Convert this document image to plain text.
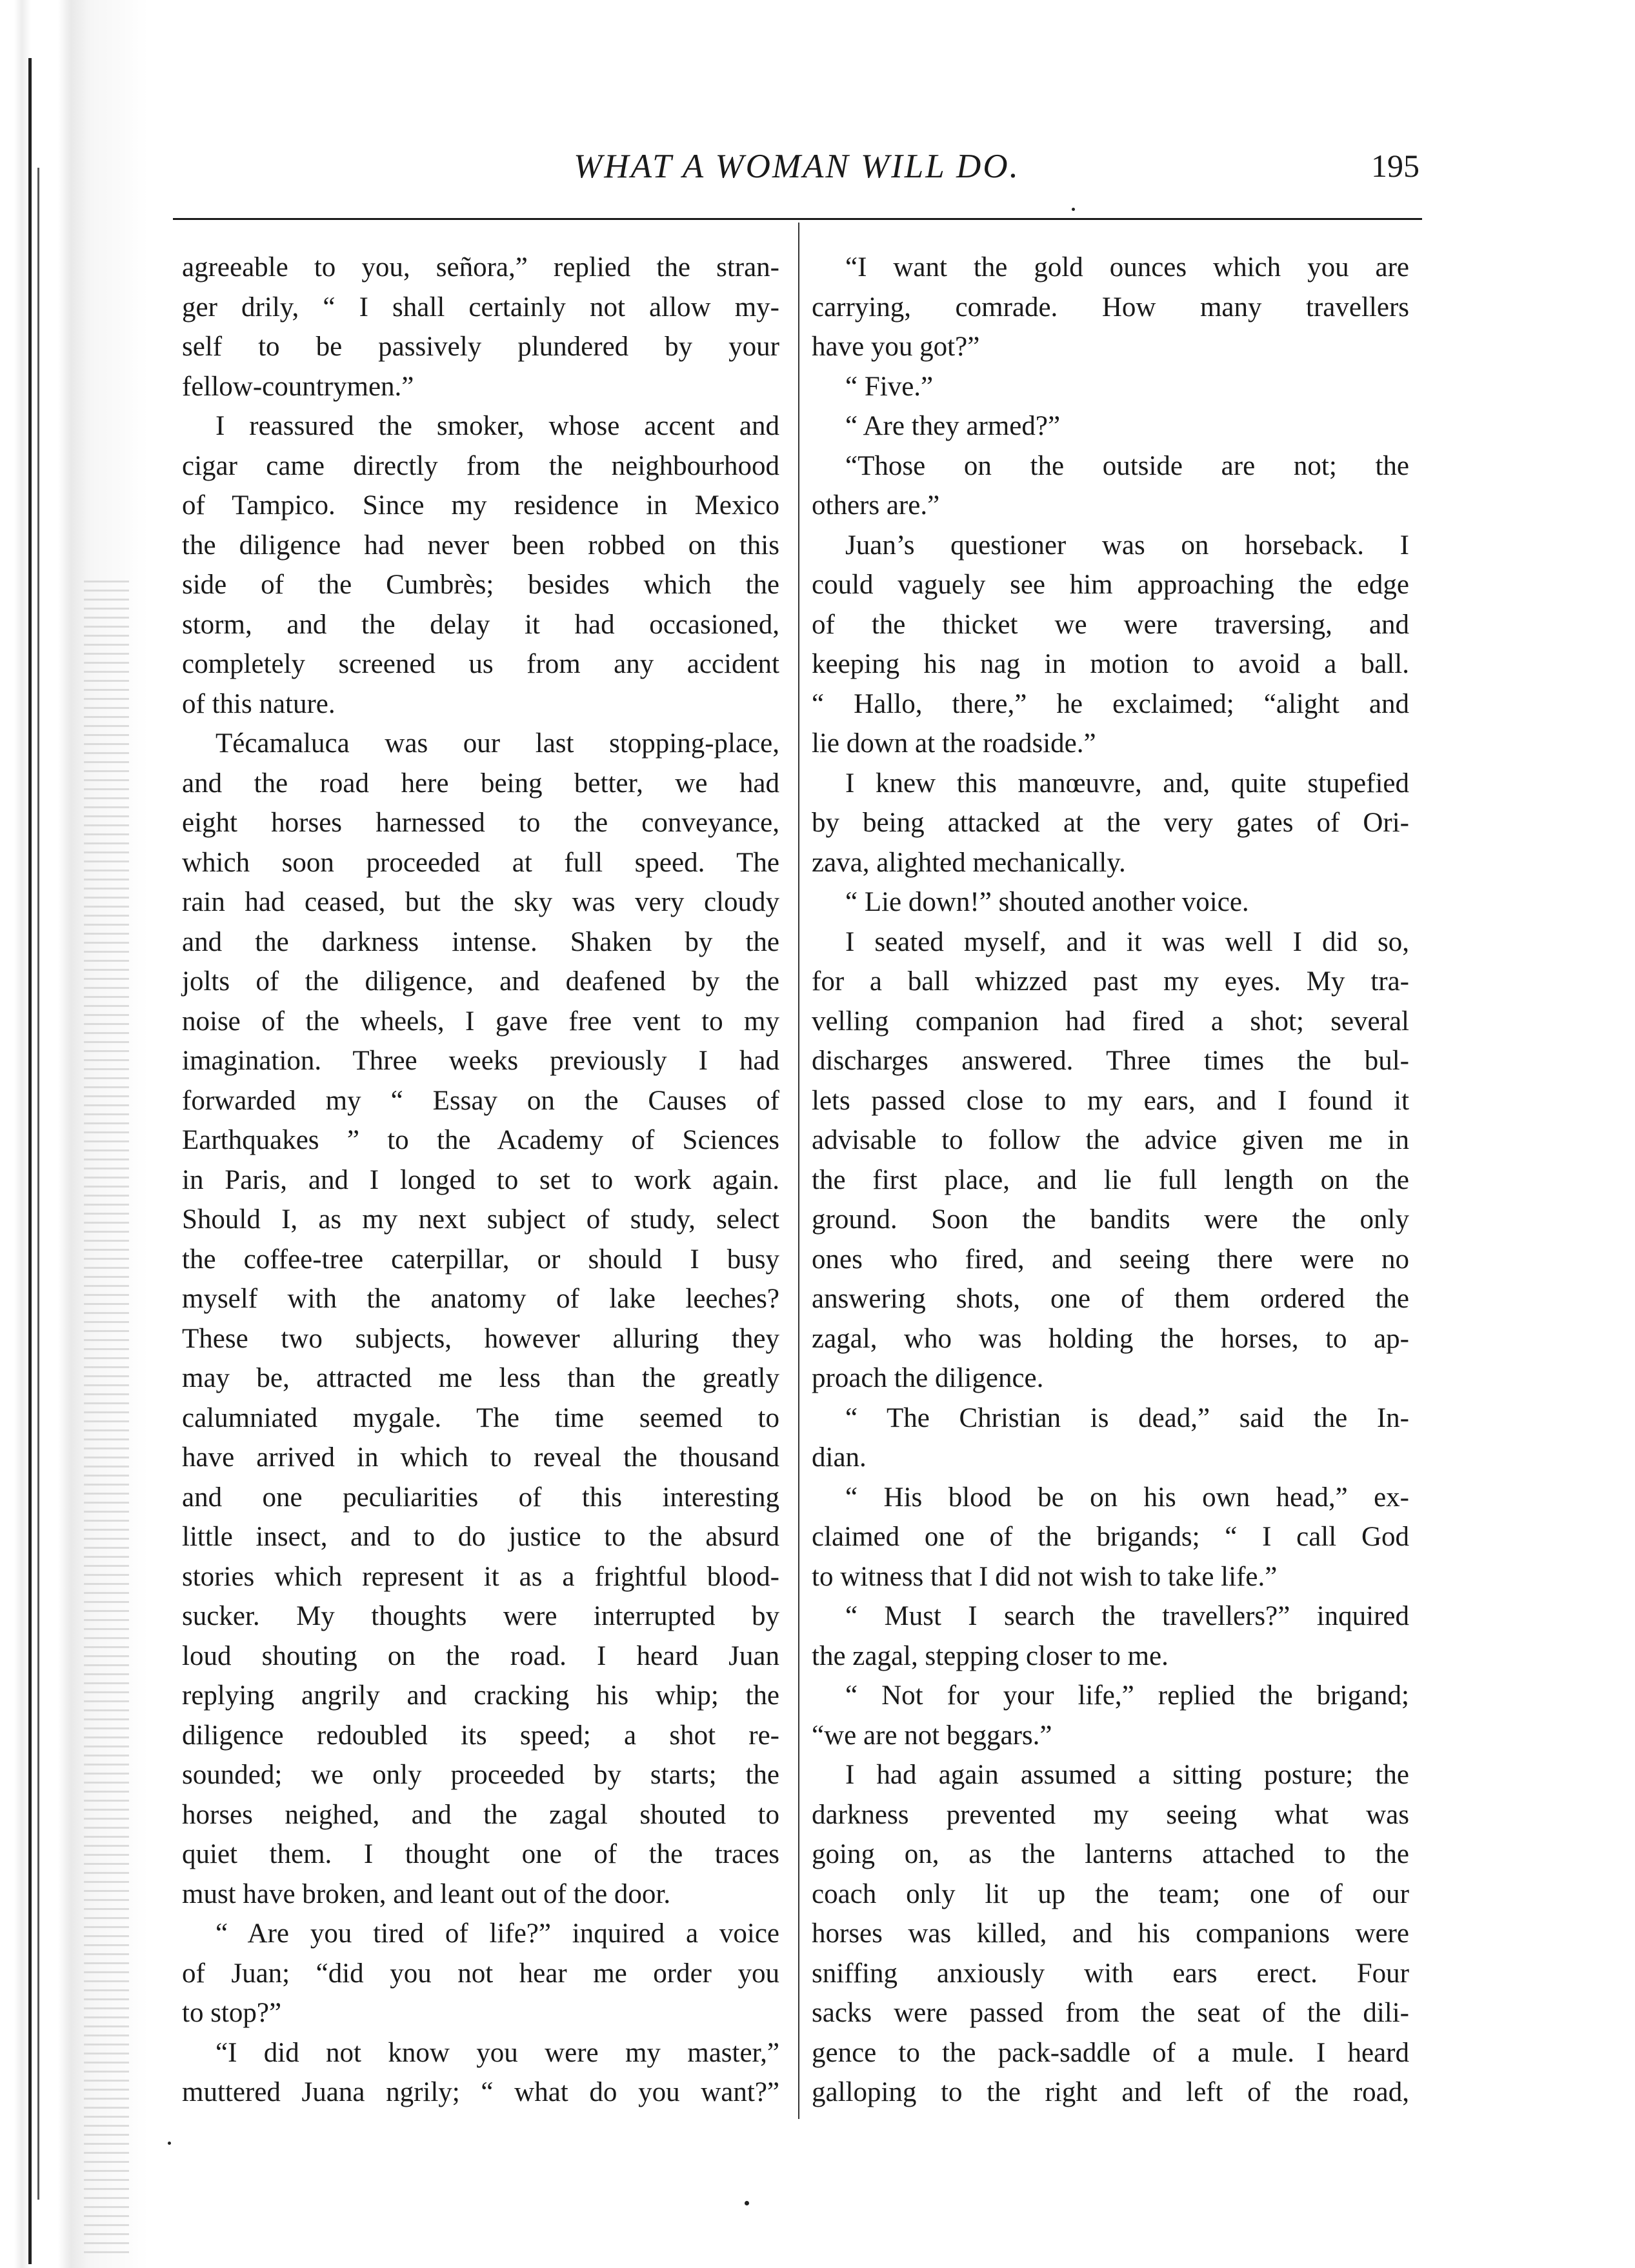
WHAT A WOMAN WILL DO.	195
agreeable to you, señora,” replied the stran-
ger drily, “ I shall certainly not allow my-
self to be passively plundered by your
fellow-countrymen.”
I reassured the smoker, whose accent and
cigar came directly from the neighbourhood
of Tampico. Since my residence in Mexico
the diligence had never been robbed on this
side of the Cumbrès; besides which the
storm, and the delay it had occasioned,
completely screened us from any accident
of this nature.
Técamaluca was our last stopping-place,
and the road here being better, we had
eight horses harnessed to the conveyance,
which soon proceeded at full speed. The
rain had ceased, but the sky was very cloudy
and the darkness intense. Shaken by the
jolts of the diligence, and deafened by the
noise of the wheels, I gave free vent to my
imagination. Three weeks previously I had
forwarded my “ Essay on the Causes of
Earthquakes ” to the Academy of Sciences
in Paris, and I longed to set to work again.
Should I, as my next subject of study, select
the coffee-tree caterpillar, or should I busy
myself with the anatomy of lake leeches?
These two subjects, however alluring they
may be, attracted me less than the greatly
calumniated mygale. The time seemed to
have arrived in which to reveal the thousand
and one peculiarities of this interesting
little insect, and to do justice to the absurd
stories which represent it as a frightful blood-
sucker. My thoughts were interrupted by
loud shouting on the road. I heard Juan
replying angrily and cracking his whip; the
diligence redoubled its speed; a shot re-
sounded; we only proceeded by starts; the
horses neighed, and the zagal shouted to
quiet them. I thought one of the traces
must have broken, and leant out of the door.
“ Are you tired of life?” inquired a voice
of Juan; “did you not hear me order you
to stop?”
“I did not know you were my master,”
muttered Juana ngrily; “ what do you want?”
“I want the gold ounces which you are
carrying, comrade. How many travellers
have you got?”
“ Five.”
“ Are they armed?”
“Those on the outside are not; the
others are.”
Juan’s questioner was on horseback. I
could vaguely see him approaching the edge
of the thicket we were traversing, and
keeping his nag in motion to avoid a ball.
“ Hallo, there,” he exclaimed; “alight and
lie down at the roadside.”
I knew this manœuvre, and, quite stupefied
by being attacked at the very gates of Ori-
zava, alighted mechanically.
“ Lie down!” shouted another voice.
I seated myself, and it was well I did so,
for a ball whizzed past my eyes. My tra-
velling companion had fired a shot; several
discharges answered. Three times the bul-
lets passed close to my ears, and I found it
advisable to follow the advice given me in
the first place, and lie full length on the
ground. Soon the bandits were the only
ones who fired, and seeing there were no
answering shots, one of them ordered the
zagal, who was holding the horses, to ap-
proach the diligence.
“ The Christian is dead,” said the In-
dian.
“ His blood be on his own head,” ex-
claimed one of the brigands; “ I call God
to witness that I did not wish to take life.”
“ Must I search the travellers?” inquired
the zagal, stepping closer to me.
“ Not for your life,” replied the brigand;
“we are not beggars.”
I had again assumed a sitting posture; the
darkness prevented my seeing what was
going on, as the lanterns attached to the
coach only lit up the team; one of our
horses was killed, and his companions were
sniffing anxiously with ears erect. Four
sacks were passed from the seat of the dili-
gence to the pack-saddle of a mule. I heard
galloping to the right and left of the road,
